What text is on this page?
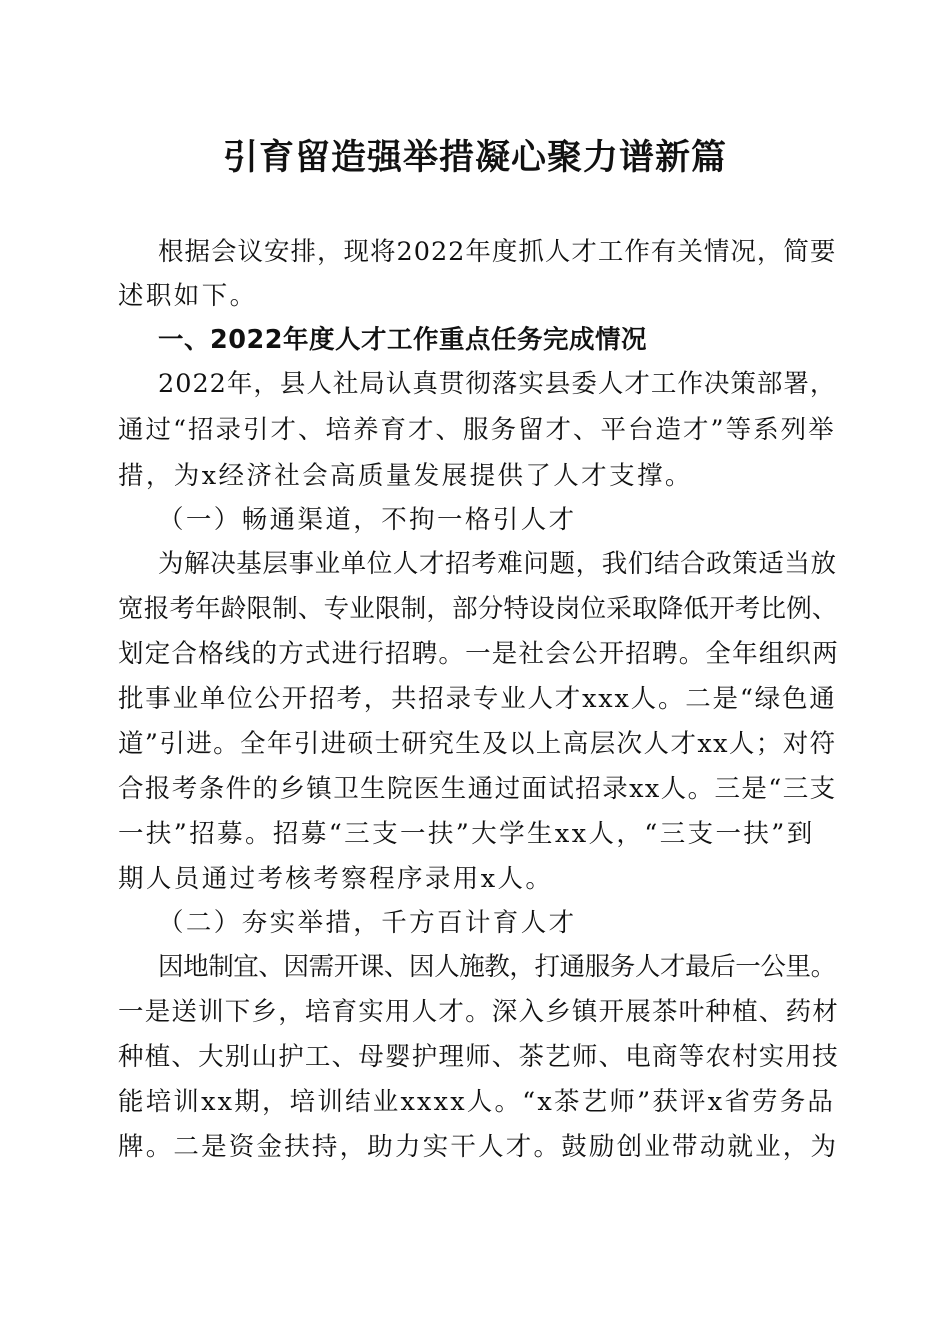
引育留造强举措凝心聚力谱新篇
根据会议安排，现将2022年度抓人才工作有关情况，简要
述职如下。
一、2022年度人才工作重点任务完成情况
2022年，县人社局认真贯彻落实县委人才工作决策部署，
通过“招录引才、培养育才、服务留才、平台造才”等系列举
措，为x经济社会高质量发展提供了人才支撑。
（一）畅通渠道，不拘一格引人才
为解决基层事业单位人才招考难问题，我们结合政策适当放
宽报考年龄限制、专业限制，部分特设岗位采取降低开考比例、
划定合格线的方式进行招聘。一是社会公开招聘。全年组织两
批事业单位公开招考，共招录专业人才xxx人。二是“绿色通
道”引进。全年引进硕士研究生及以上高层次人才xx人；对符
合报考条件的乡镇卫生院医生通过面试招录xx人。三是“三支
一扶”招募。招募“三支一扶”大学生xx人，“三支一扶”到
期人员通过考核考察程序录用x人。
（二）夯实举措，千方百计育人才
因地制宜、因需开课、因人施教，打通服务人才最后一公里。
一是送训下乡，培育实用人才。深入乡镇开展茶叶种植、药材
种植、大别山护工、母婴护理师、茶艺师、电商等农村实用技
能培训xx期，培训结业xxxx人。“x茶艺师”获评x省劳务品
牌。二是资金扶持，助力实干人才。鼓励创业带动就业，为
